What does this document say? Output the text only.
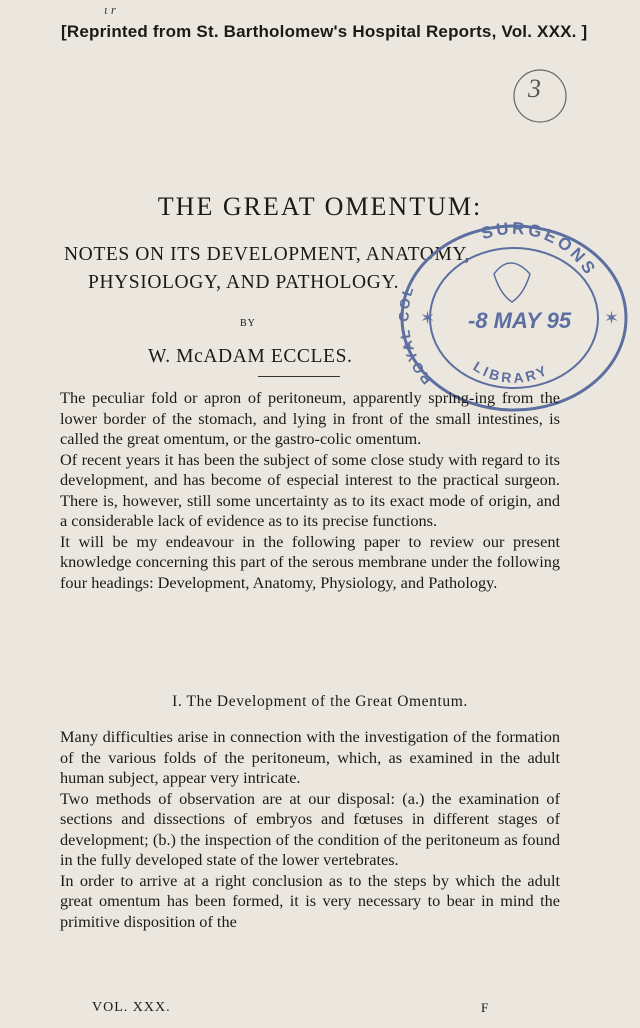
ɩ r
[Reprinted from St. Bartholomew's Hospital Reports, Vol. XXX. ]
3
THE GREAT OMENTUM:
NOTES ON ITS DEVELOPMENT, ANATOMY,
PHYSIOLOGY, AND PATHOLOGY.
BY
W. McADAM ECCLES.
SURGEONS
ROYAL COL
LIBRARY
-8 MAY 95
✶	✶

The peculiar fold or apron of peritoneum, apparently spring-ing from the lower border of the stomach, and lying in front of the small intestines, is called the great omentum, or the gastro-colic omentum.

Of recent years it has been the subject of some close study with regard to its development, and has become of especial interest to the practical surgeon. There is, however, still some uncertainty as to its exact mode of origin, and a considerable lack of evidence as to its precise functions.

It will be my endeavour in the following paper to review our present knowledge concerning this part of the serous membrane under the following four headings: Development, Anatomy, Physiology, and Pathology.

I. The Development of the Great Omentum.

Many difficulties arise in connection with the investigation of the formation of the various folds of the peritoneum, which, as examined in the adult human subject, appear very intricate.

Two methods of observation are at our disposal: (a.) the examination of sections and dissections of embryos and fœtuses in different stages of development; (b.) the inspection of the condition of the peritoneum as found in the fully developed state of the lower vertebrates.

In order to arrive at a right conclusion as to the steps by which the adult great omentum has been formed, it is very necessary to bear in mind the primitive disposition of the

VOL. XXX.	F
